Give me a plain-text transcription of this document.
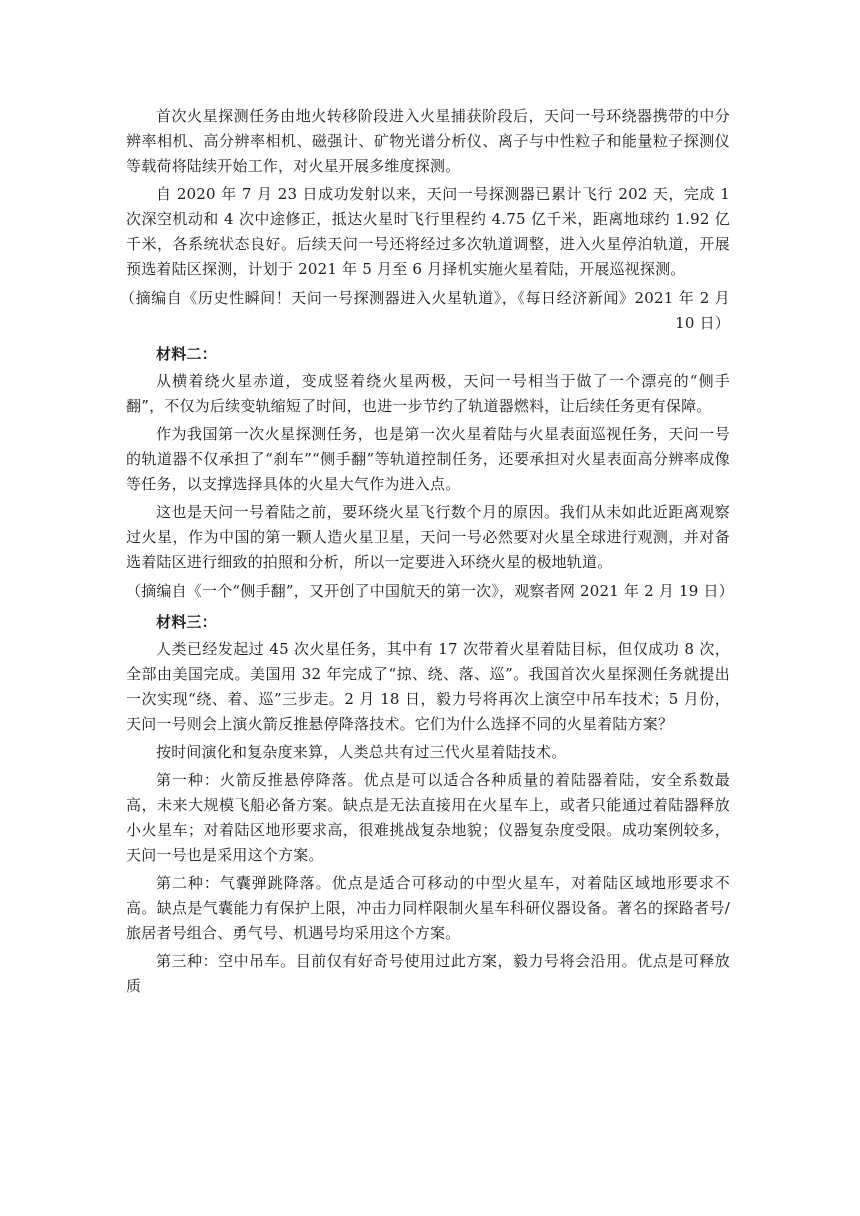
首次火星探测任务由地火转移阶段进入火星捕获阶段后，天问一号环绕器携带的中分辨率相机、高分辨率相机、磁强计、矿物光谱分析仪、离子与中性粒子和能量粒子探测仪等载荷将陆续开始工作，对火星开展多维度探测。

自 2020 年 7 月 23 日成功发射以来，天问一号探测器已累计飞行 202 天，完成 1 次深空机动和 4 次中途修正，抵达火星时飞行里程约 4.75 亿千米，距离地球约 1.92 亿千米，各系统状态良好。后续天问一号还将经过多次轨道调整，进入火星停泊轨道，开展预选着陆区探测，计划于 2021 年 5 月至 6 月择机实施火星着陆，开展巡视探测。

（摘编自《历史性瞬间！天问一号探测器进入火星轨道》，《每日经济新闻》2021 年 2 月 10 日）

材料二：

从横着绕火星赤道，变成竖着绕火星两极，天问一号相当于做了一个漂亮的“侧手翻”，不仅为后续变轨缩短了时间，也进一步节约了轨道器燃料，让后续任务更有保障。

作为我国第一次火星探测任务，也是第一次火星着陆与火星表面巡视任务，天问一号的轨道器不仅承担了“刹车”“侧手翻”等轨道控制任务，还要承担对火星表面高分辨率成像等任务，以支撑选择具体的火星大气作为进入点。

这也是天问一号着陆之前，要环绕火星飞行数个月的原因。我们从未如此近距离观察过火星，作为中国的第一颗人造火星卫星，天问一号必然要对火星全球进行观测，并对备选着陆区进行细致的拍照和分析，所以一定要进入环绕火星的极地轨道。

（摘编自《一个“侧手翻”，又开创了中国航天的第一次》，观察者网 2021 年 2 月 19 日）

材料三：

人类已经发起过 45 次火星任务，其中有 17 次带着火星着陆目标，但仅成功 8 次，全部由美国完成。美国用 32 年完成了“掠、绕、落、巡”。我国首次火星探测任务就提出一次实现“绕、着、巡”三步走。2 月 18 日，毅力号将再次上演空中吊车技术；5 月份，天问一号则会上演火箭反推悬停降落技术。它们为什么选择不同的火星着陆方案？

按时间演化和复杂度来算，人类总共有过三代火星着陆技术。

第一种：火箭反推悬停降落。优点是可以适合各种质量的着陆器着陆，安全系数最高，未来大规模飞船必备方案。缺点是无法直接用在火星车上，或者只能通过着陆器释放小火星车；对着陆区地形要求高，很难挑战复杂地貌；仪器复杂度受限。成功案例较多，天问一号也是采用这个方案。

第二种：气囊弹跳降落。优点是适合可移动的中型火星车，对着陆区域地形要求不高。缺点是气囊能力有保护上限，冲击力同样限制火星车科研仪器设备。著名的探路者号/旅居者号组合、勇气号、机遇号均采用这个方案。

第三种：空中吊车。目前仅有好奇号使用过此方案，毅力号将会沿用。优点是可释放质
